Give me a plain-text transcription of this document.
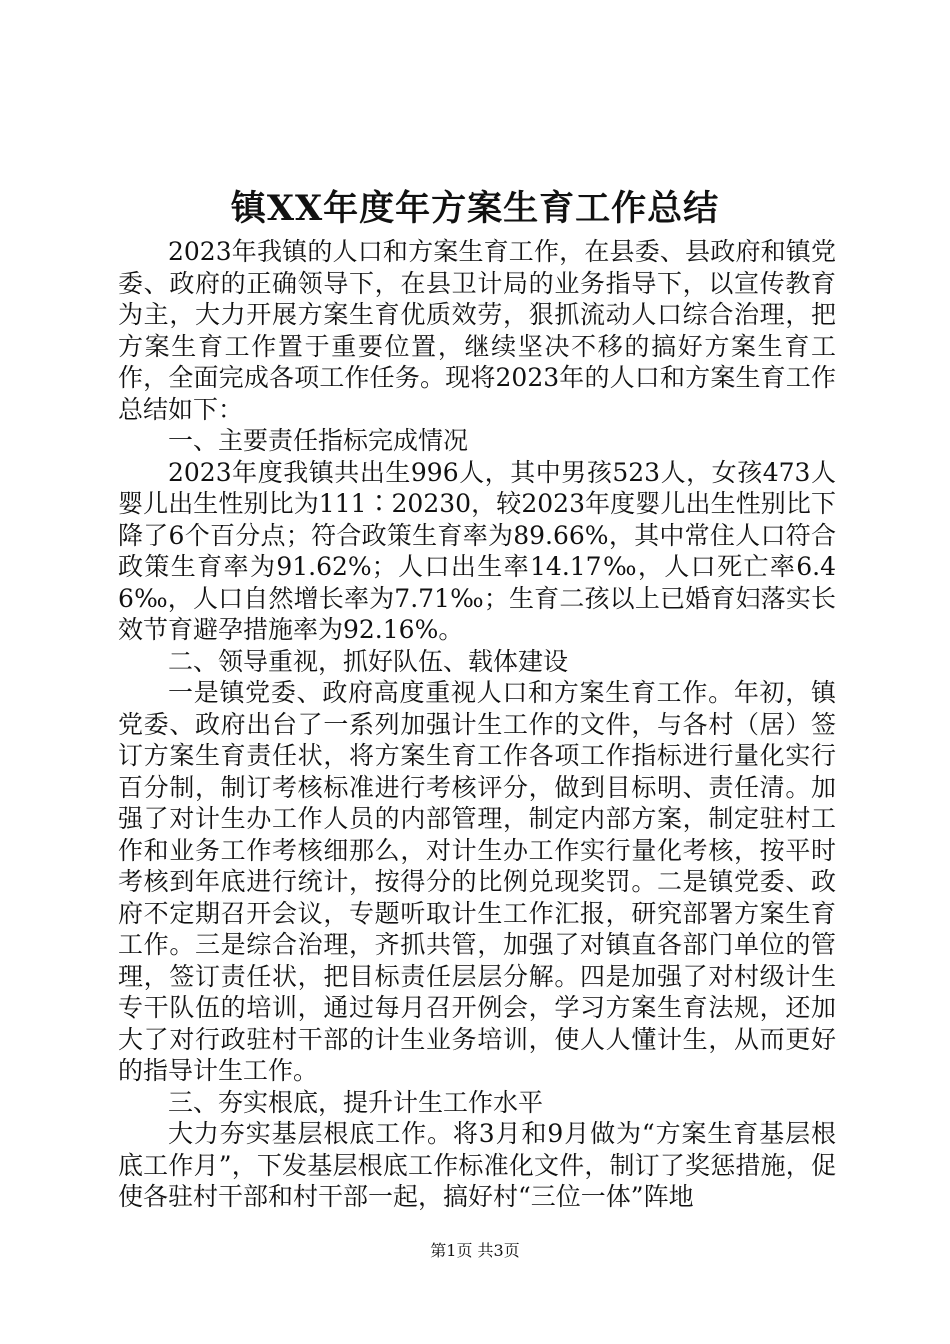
镇XX年度年方案生育工作总结

2023年我镇的人口和方案生育工作，在县委、县政府和镇党委、政府的正确领导下，在县卫计局的业务指导下，以宣传教育为主，大力开展方案生育优质效劳，狠抓流动人口综合治理，把方案生育工作置于重要位置，继续坚决不移的搞好方案生育工作，全面完成各项工作任务。现将2023年的人口和方案生育工作总结如下：

一、主要责任指标完成情况

2023年度我镇共出生996人，其中男孩523人，女孩473人婴儿出生性别比为111∶20230，较2023年度婴儿出生性别比下降了6个百分点；符合政策生育率为89.66%，其中常住人口符合政策生育率为91.62%；人口出生率14.17‰，人口死亡率6.46‰，人口自然增长率为7.71‰；生育二孩以上已婚育妇落实长效节育避孕措施率为92.16%。

二、领导重视，抓好队伍、载体建设

一是镇党委、政府高度重视人口和方案生育工作。年初，镇党委、政府出台了一系列加强计生工作的文件，与各村（居）签订方案生育责任状，将方案生育工作各项工作指标进行量化实行百分制，制订考核标准进行考核评分，做到目标明、责任清。加强了对计生办工作人员的内部管理，制定内部方案，制定驻村工作和业务工作考核细那么，对计生办工作实行量化考核，按平时考核到年底进行统计，按得分的比例兑现奖罚。二是镇党委、政府不定期召开会议，专题听取计生工作汇报，研究部署方案生育工作。三是综合治理，齐抓共管，加强了对镇直各部门单位的管理，签订责任状，把目标责任层层分解。四是加强了对村级计生专干队伍的培训，通过每月召开例会，学习方案生育法规，还加大了对行政驻村干部的计生业务培训，使人人懂计生，从而更好的指导计生工作。

三、夯实根底，提升计生工作水平

大力夯实基层根底工作。将3月和9月做为“方案生育基层根底工作月”，下发基层根底工作标准化文件，制订了奖惩措施，促使各驻村干部和村干部一起，搞好村“三位一体”阵地

第1页 共3页
